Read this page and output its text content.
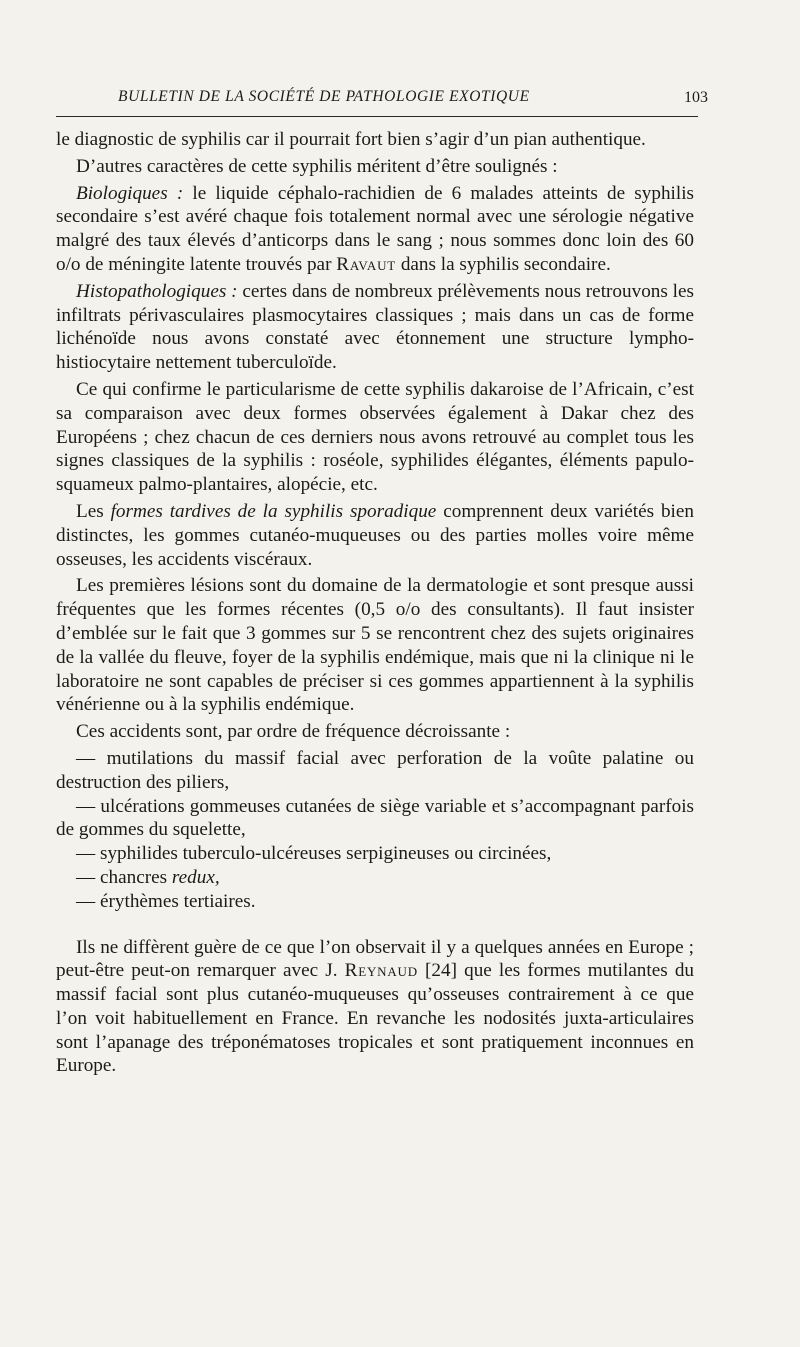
BULLETIN DE LA SOCIÉTÉ DE PATHOLOGIE EXOTIQUE	103

le diagnostic de syphilis car il pourrait fort bien s’agir d’un pian authentique.

D’autres caractères de cette syphilis méritent d’être soulignés :

Biologiques : le liquide céphalo-rachidien de 6 malades atteints de syphilis secondaire s’est avéré chaque fois totalement normal avec une sérologie négative malgré des taux élevés d’anticorps dans le sang ; nous sommes donc loin des 60 o/o de méningite latente trouvés par Ravaut dans la syphilis secondaire.

Histopathologiques : certes dans de nombreux prélèvements nous retrouvons les infiltrats périvasculaires plasmocytaires classiques ; mais dans un cas de forme lichénoïde nous avons constaté avec étonnement une structure lympho-histiocytaire nettement tuberculoïde.

Ce qui confirme le particularisme de cette syphilis dakaroise de l’Africain, c’est sa comparaison avec deux formes observées également à Dakar chez des Européens ; chez chacun de ces derniers nous avons retrouvé au complet tous les signes classiques de la syphilis : roséole, syphilides élégantes, éléments papulo-squameux palmo-plantaires, alopécie, etc.

Les formes tardives de la syphilis sporadique comprennent deux variétés bien distinctes, les gommes cutanéo-muqueuses ou des parties molles voire même osseuses, les accidents viscéraux.

Les premières lésions sont du domaine de la dermatologie et sont presque aussi fréquentes que les formes récentes (0,5 o/o des consultants). Il faut insister d’emblée sur le fait que 3 gommes sur 5 se rencontrent chez des sujets originaires de la vallée du fleuve, foyer de la syphilis endémique, mais que ni la clinique ni le laboratoire ne sont capables de préciser si ces gommes appartiennent à la syphilis vénérienne ou à la syphilis endémique.

Ces accidents sont, par ordre de fréquence décroissante :

— mutilations du massif facial avec perforation de la voûte palatine ou destruction des piliers,

— ulcérations gommeuses cutanées de siège variable et s’accompagnant parfois de gommes du squelette,

— syphilides tuberculo-ulcéreuses serpigineuses ou circinées,

— chancres redux,

— érythèmes tertiaires.

Ils ne diffèrent guère de ce que l’on observait il y a quelques années en Europe ; peut-être peut-on remarquer avec J. Reynaud [24] que les formes mutilantes du massif facial sont plus cutanéo-muqueuses qu’osseuses contrairement à ce que l’on voit habituellement en France. En revanche les nodosités juxta-articulaires sont l’apanage des tréponématoses tropicales et sont pratiquement inconnues en Europe.
